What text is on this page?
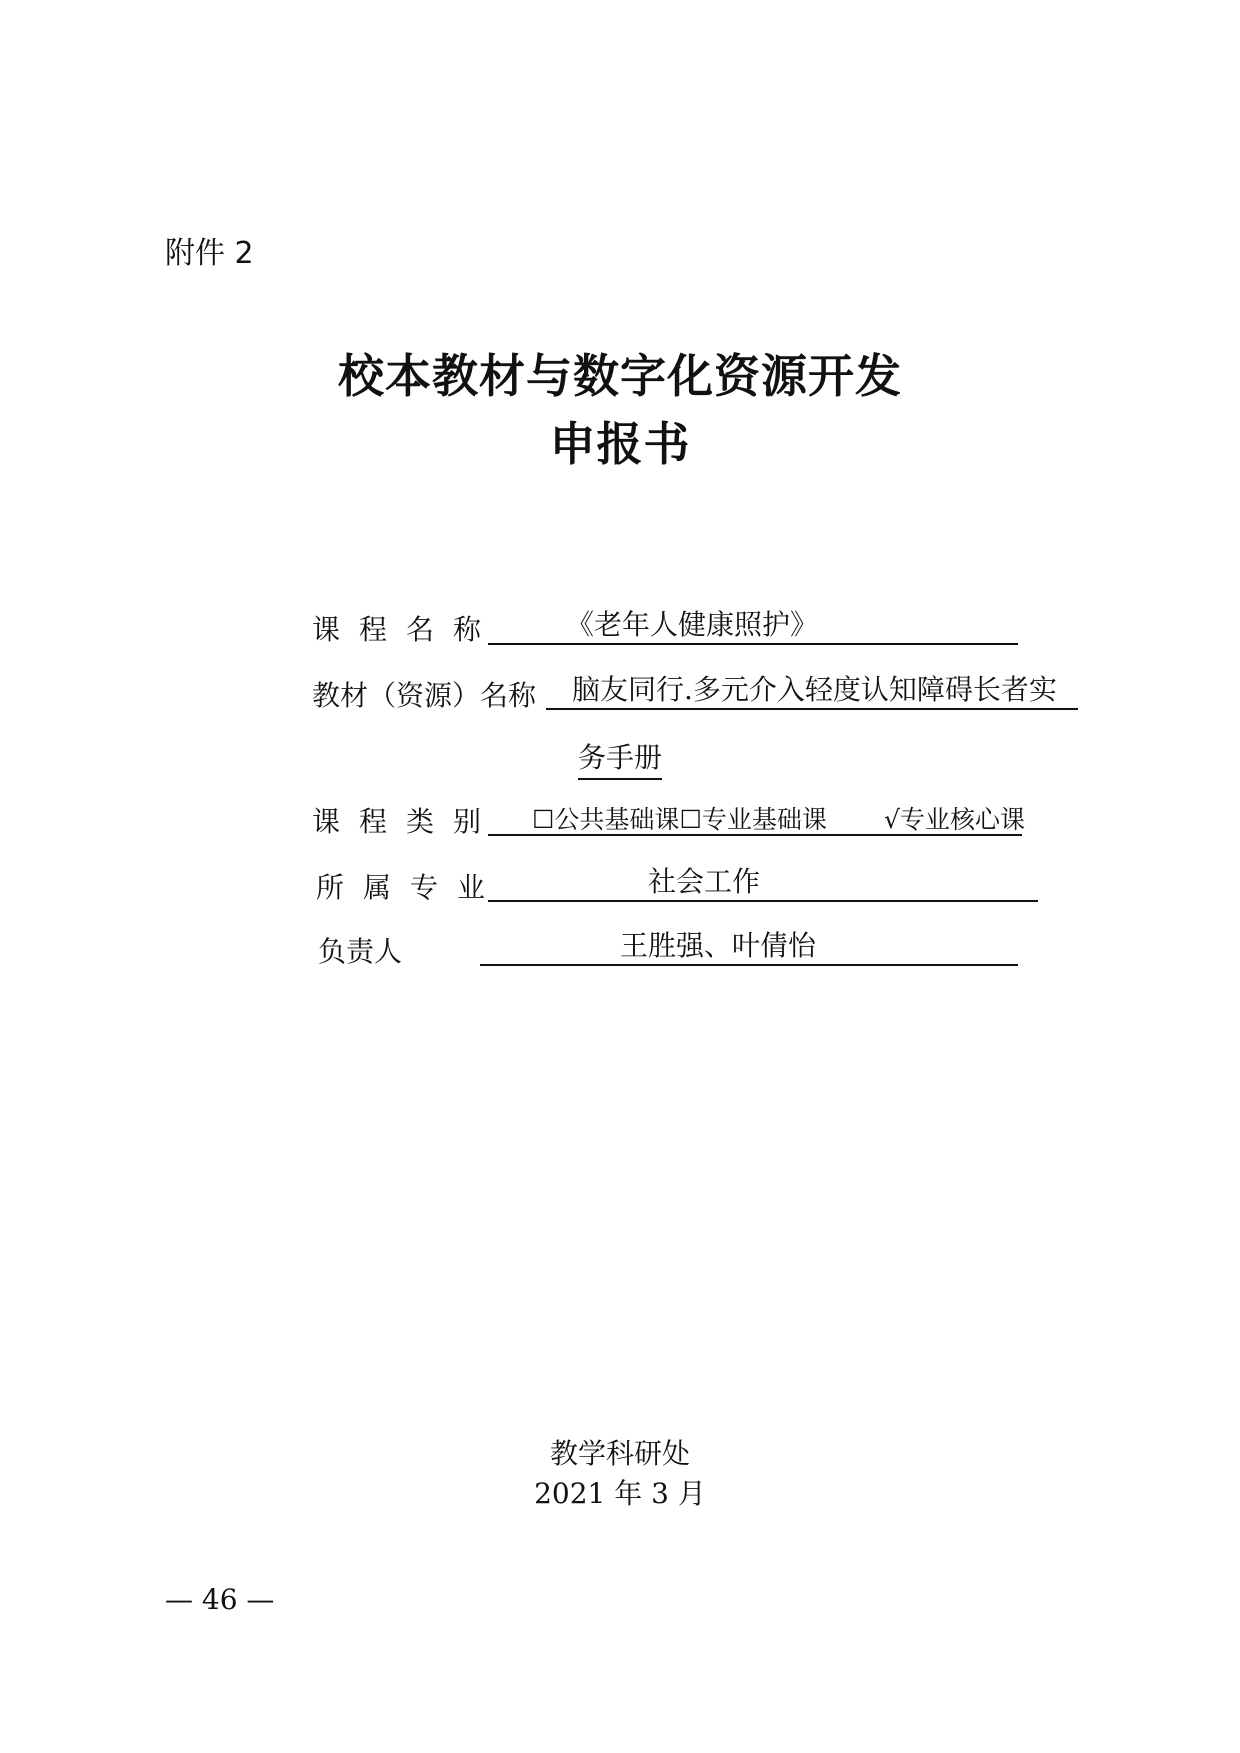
附件 2
校本教材与数字化资源开发
申报书
课程名称 《老年人健康照护》
教材（资源）名称 脑友同行.多元介入轻度认知障碍长者实
务手册
课程类别 ☐公共基础课☐专业基础课 √专业核心课
所属专业	社会工作
负责人	王胜强、叶倩怡
教学科研处
2021 年 3 月
— 46 —
